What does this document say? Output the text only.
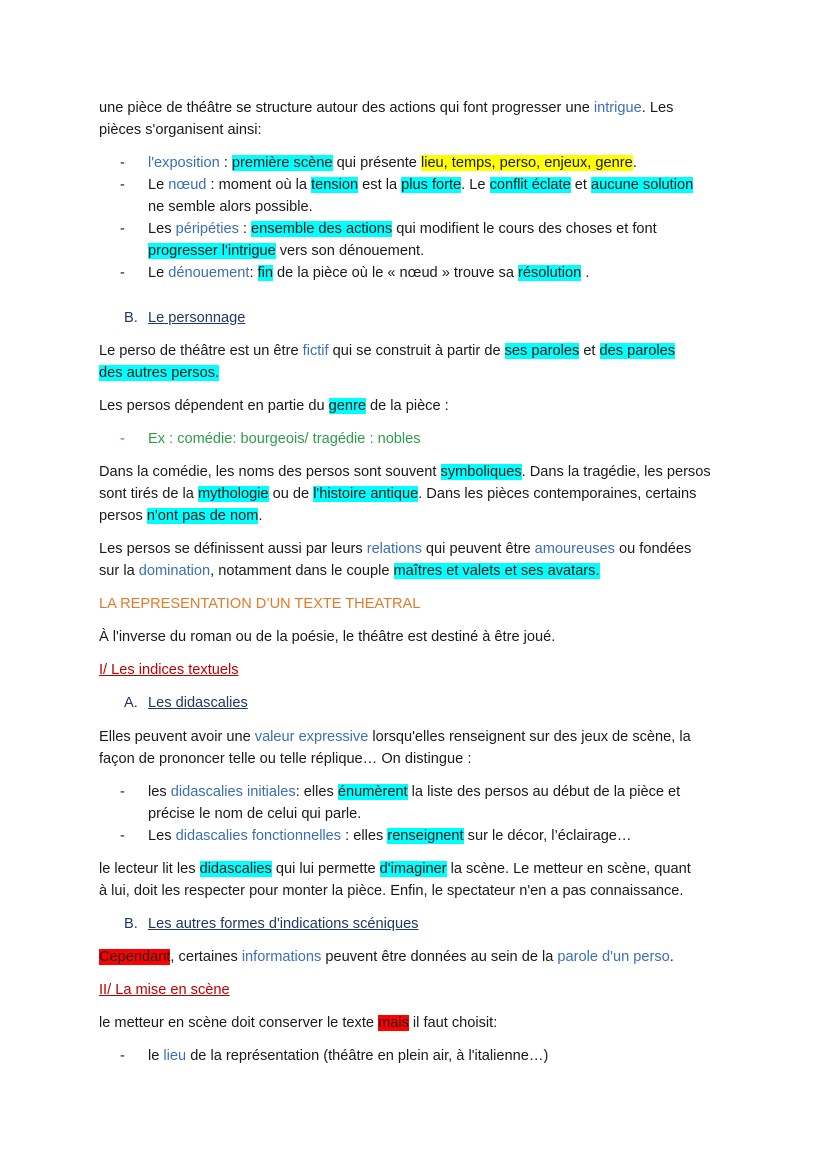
une pièce de théâtre se structure autour des actions qui font progresser une intrigue. Les
pièces s'organisent ainsi:
- l'exposition : première scène qui présente lieu, temps, perso, enjeux, genre.
- Le nœud : moment où la tension est la plus forte. Le conflit éclate et aucune solution
ne semble alors possible.
- Les péripéties : ensemble des actions qui modifient le cours des choses et font
progresser l'intrigue vers son dénouement.
- Le dénouement: fin de la pièce où le « nœud » trouve sa résolution .
B. Le personnage
Le perso de théâtre est un être fictif qui se construit à partir de ses paroles et des paroles
des autres persos.
Les persos dépendent en partie du genre de la pièce :
- Ex : comédie: bourgeois/ tragédie : nobles
Dans la comédie, les noms des persos sont souvent symboliques. Dans la tragédie, les persos
sont tirés de la mythologie ou de l'histoire antique. Dans les pièces contemporaines, certains
persos n'ont pas de nom.
Les persos se définissent aussi par leurs relations qui peuvent être amoureuses ou fondées
sur la domination, notamment dans le couple maîtres et valets et ses avatars.
LA REPRESENTATION D’UN TEXTE THEATRAL
À l'inverse du roman ou de la poésie, le théâtre est destiné à être joué.
I/ Les indices textuels
A. Les didascalies
Elles peuvent avoir une valeur expressive lorsqu'elles renseignent sur des jeux de scène, la
façon de prononcer telle ou telle réplique… On distingue :
- les didascalies initiales: elles énumèrent la liste des persos au début de la pièce et
précise le nom de celui qui parle.
- Les didascalies fonctionnelles : elles renseignent sur le décor, l’éclairage…
le lecteur lit les didascalies qui lui permette d'imaginer la scène. Le metteur en scène, quant
à lui, doit les respecter pour monter la pièce. Enfin, le spectateur n'en a pas connaissance.
B. Les autres formes d'indications scéniques
Cependant, certaines informations peuvent être données au sein de la parole d'un perso.
II/ La mise en scène
le metteur en scène doit conserver le texte mais il faut choisit:
- le lieu de la représentation (théâtre en plein air, à l'italienne…)
